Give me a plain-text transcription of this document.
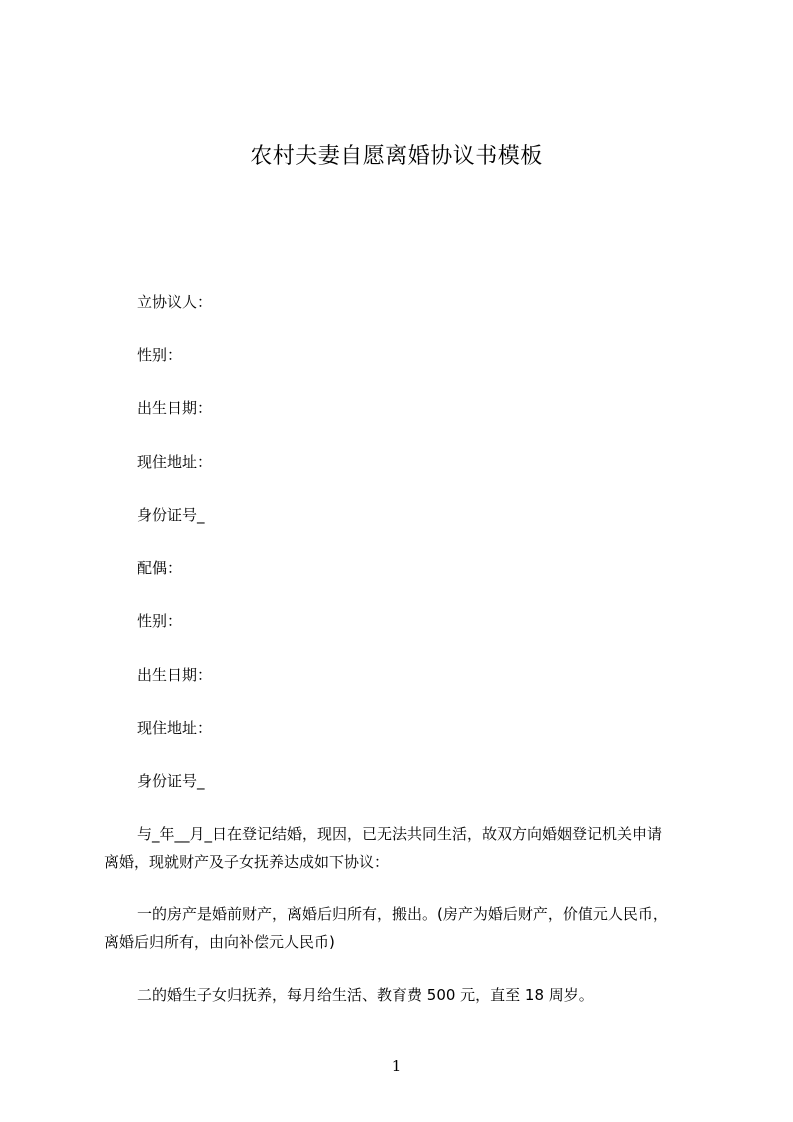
农村夫妻自愿离婚协议书模板
立协议人：
性别：
出生日期：
现住地址：
身份证号_
配偶：
性别：
出生日期：
现住地址：
身份证号_
与_年__月_日在登记结婚，现因，已无法共同生活，故双方向婚姻登记机关申请
离婚，现就财产及子女抚养达成如下协议：
一的房产是婚前财产，离婚后归所有，搬出。(房产为婚后财产，价值元人民币，
离婚后归所有，由向补偿元人民币)
二的婚生子女归抚养，每月给生活、教育费 500 元，直至 18 周岁。
1
